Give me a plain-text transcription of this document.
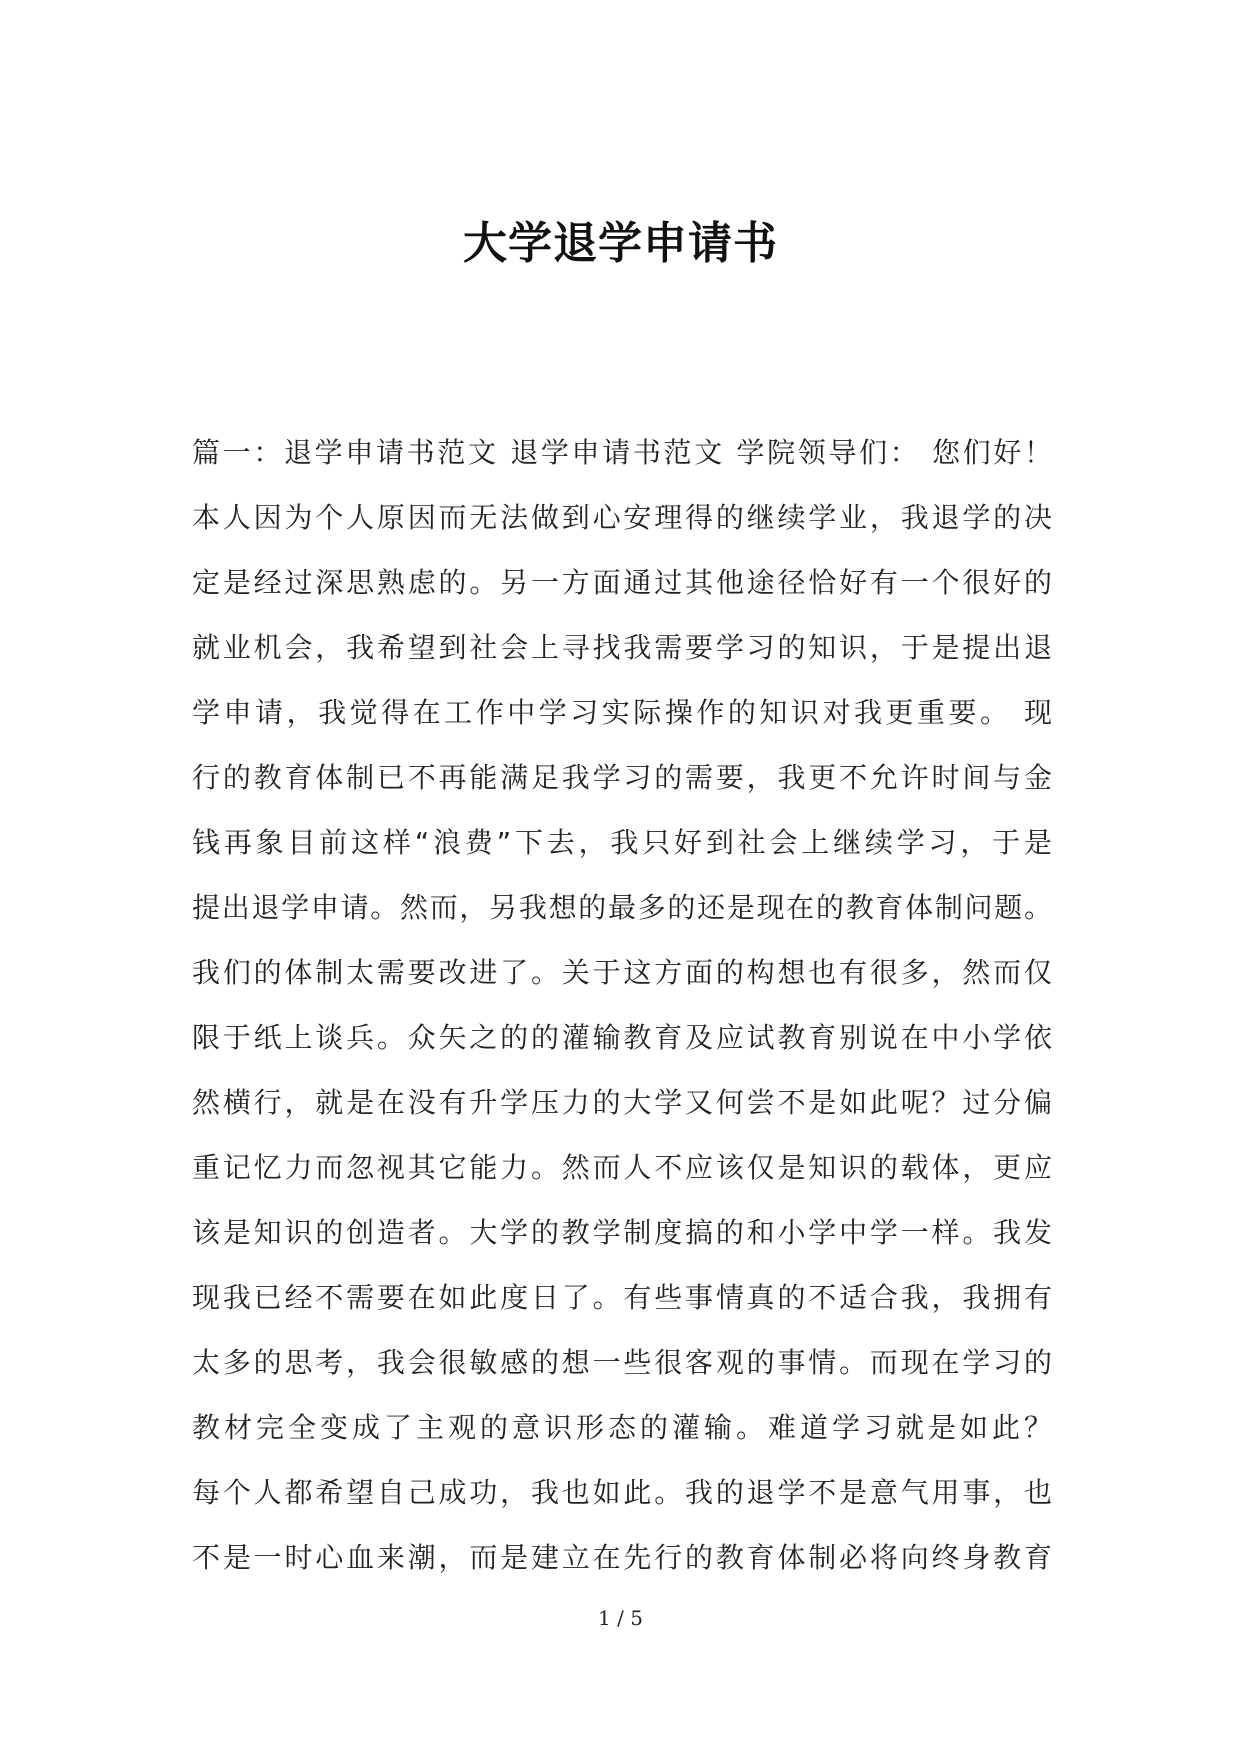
大学退学申请书
篇一：退学申请书范文 退学申请书范文 学院领导们： 您们好！
本人因为个人原因而无法做到心安理得的继续学业，我退学的决
定是经过深思熟虑的。另一方面通过其他途径恰好有一个很好的
就业机会，我希望到社会上寻找我需要学习的知识，于是提出退
学申请，我觉得在工作中学习实际操作的知识对我更重要。 现
行的教育体制已不再能满足我学习的需要，我更不允许时间与金
钱再象目前这样“浪费”下去，我只好到社会上继续学习，于是
提出退学申请。然而，另我想的最多的还是现在的教育体制问题。
我们的体制太需要改进了。关于这方面的构想也有很多，然而仅
限于纸上谈兵。众矢之的的灌输教育及应试教育别说在中小学依
然横行，就是在没有升学压力的大学又何尝不是如此呢？过分偏
重记忆力而忽视其它能力。然而人不应该仅是知识的载体，更应
该是知识的创造者。大学的教学制度搞的和小学中学一样。我发
现我已经不需要在如此度日了。有些事情真的不适合我，我拥有
太多的思考，我会很敏感的想一些很客观的事情。而现在学习的
教材完全变成了主观的意识形态的灌输。难道学习就是如此？
每个人都希望自己成功，我也如此。我的退学不是意气用事，也
不是一时心血来潮，而是建立在先行的教育体制必将向终身教育
1 / 5
